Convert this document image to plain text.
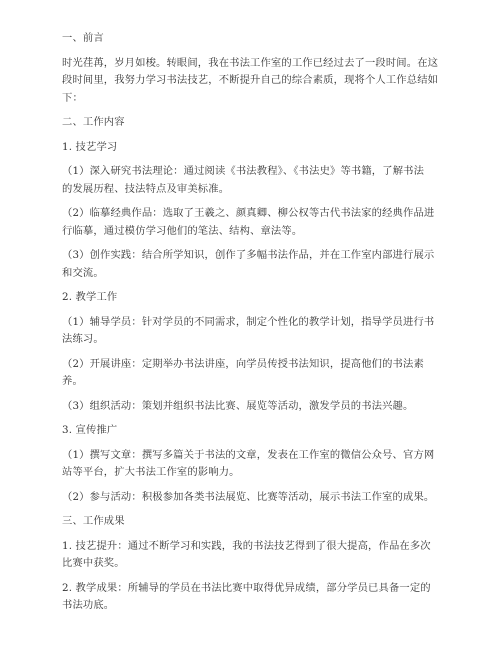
一、前言

时光荏苒，岁月如梭。转眼间，我在书法工作室的工作已经过去了一段时间。在这
段时间里，我努力学习书法技艺，不断提升自己的综合素质，现将个人工作总结如
下：

二、工作内容

1. 技艺学习

（1）深入研究书法理论：通过阅读《书法教程》、《书法史》等书籍，了解书法
的发展历程、技法特点及审美标准。

（2）临摹经典作品：选取了王羲之、颜真卿、柳公权等古代书法家的经典作品进
行临摹，通过模仿学习他们的笔法、结构、章法等。

（3）创作实践：结合所学知识，创作了多幅书法作品，并在工作室内部进行展示
和交流。

2. 教学工作

（1）辅导学员：针对学员的不同需求，制定个性化的教学计划，指导学员进行书
法练习。

（2）开展讲座：定期举办书法讲座，向学员传授书法知识，提高他们的书法素养。

（3）组织活动：策划并组织书法比赛、展览等活动，激发学员的书法兴趣。

3. 宣传推广

（1）撰写文章：撰写多篇关于书法的文章，发表在工作室的微信公众号、官方网
站等平台，扩大书法工作室的影响力。

（2）参与活动：积极参加各类书法展览、比赛等活动，展示书法工作室的成果。

三、工作成果

1. 技艺提升：通过不断学习和实践，我的书法技艺得到了很大提高，作品在多次
比赛中获奖。

2. 教学成果：所辅导的学员在书法比赛中取得优异成绩，部分学员已具备一定的
书法功底。
